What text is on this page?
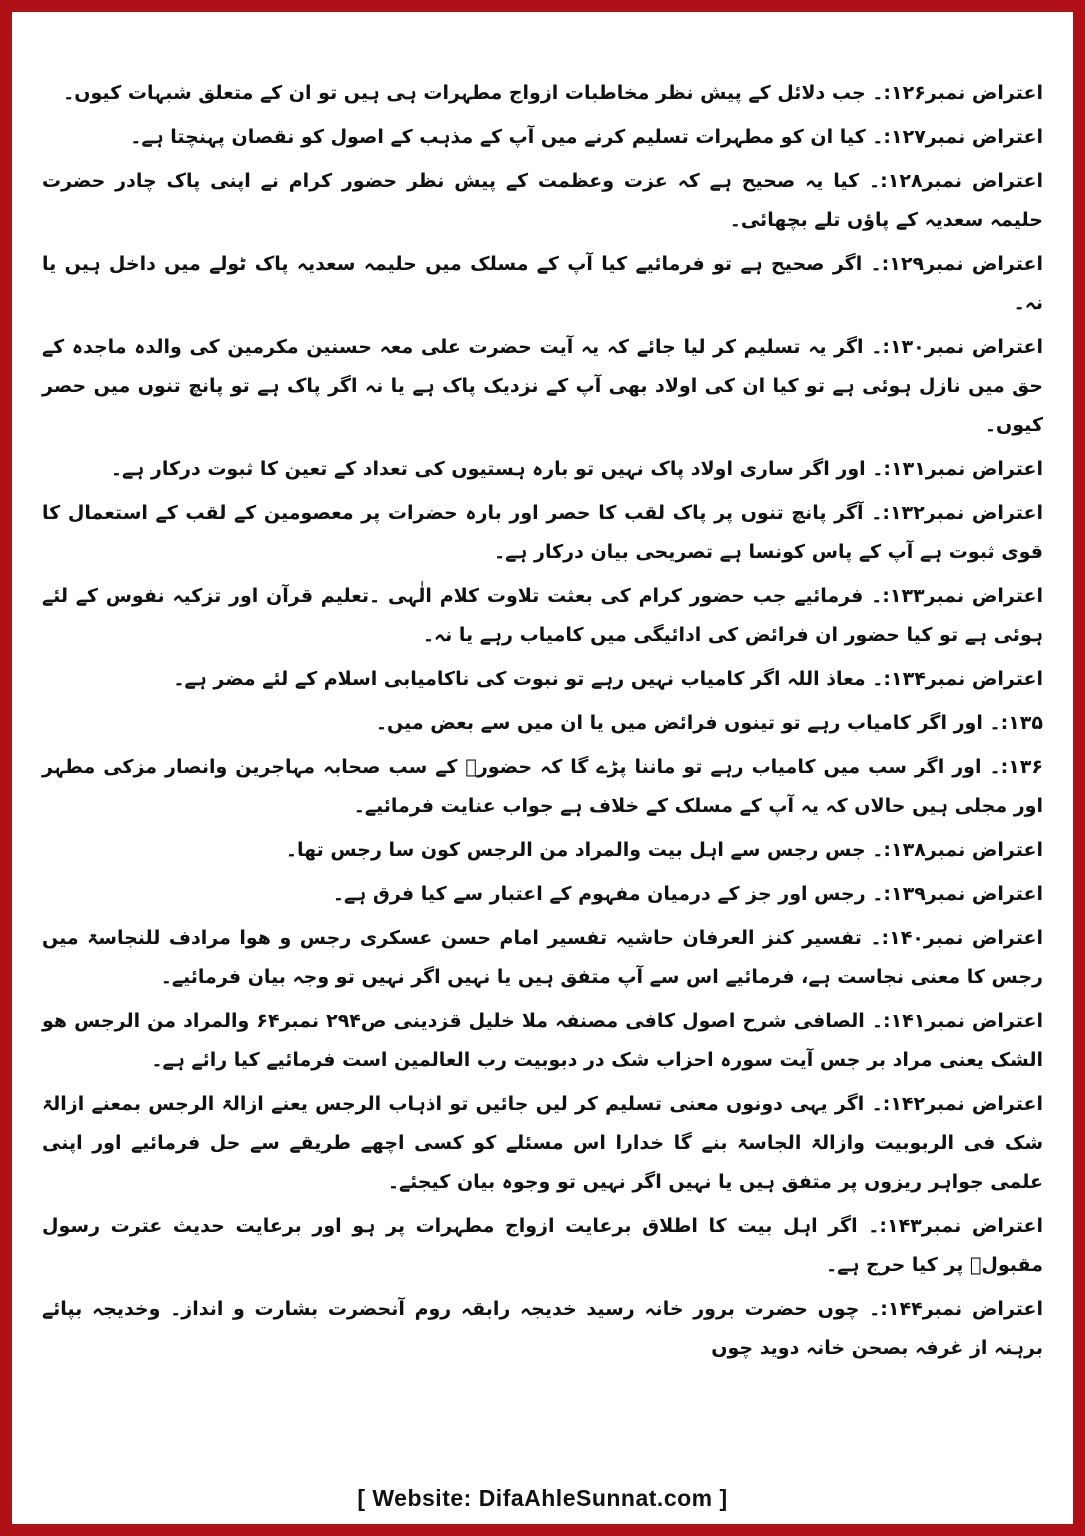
اعتراض نمبر۱۲۶:۔ جب دلائل کے پیش نظر مخاطبات ازواج مطہرات ہی ہیں تو ان کے متعلق شبہات کیوں۔

اعتراض نمبر۱۲۷:۔ کیا ان کو مطہرات تسلیم کرنے میں آپ کے مذہب کے اصول کو نقصان پہنچتا ہے۔

اعتراض نمبر۱۲۸:۔ کیا یہ صحیح ہے کہ عزت وعظمت کے پیش نظر حضور کرام نے اپنی پاک چادر حضرت حلیمہ سعدیہ کے پاؤں تلے بچھائی۔

اعتراض نمبر۱۲۹:۔ اگر صحیح ہے تو فرمائیے کیا آپ کے مسلک میں حلیمہ سعدیہ پاک ٹولے میں داخل ہیں یا نہ۔

اعتراض نمبر۱۳۰:۔ اگر یہ تسلیم کر لیا جائے کہ یہ آیت حضرت علی معہ حسنین مکرمین کی والدہ ماجدہ کے حق میں نازل ہوئی ہے تو کیا ان کی اولاد بھی آپ کے نزدیک پاک ہے یا نہ اگر پاک ہے تو پانچ تنوں میں حصر کیوں۔

اعتراض نمبر۱۳۱:۔ اور اگر ساری اولاد پاک نہیں تو بارہ ہستیوں کی تعداد کے تعین کا ثبوت درکار ہے۔

اعتراض نمبر۱۳۲:۔ آگر پانچ تنوں پر پاک لقب کا حصر اور بارہ حضرات پر معصومین کے لقب کے استعمال کا قوی ثبوت ہے آپ کے پاس کونسا ہے تصریحی بیان درکار ہے۔

اعتراض نمبر۱۳۳:۔ فرمائیے جب حضور کرام کی بعثت تلاوت کلام الٰہی ۔تعلیم قرآن اور تزکیہ نفوس کے لئے ہوئی ہے تو کیا حضور ان فرائض کی ادائیگی میں کامیاب رہے یا نہ۔

اعتراض نمبر۱۳۴:۔ معاذ اللہ اگر کامیاب نہیں رہے تو نبوت کی ناکامیابی اسلام کے لئے مضر ہے۔

۱۳۵:۔ اور اگر کامیاب رہے تو تینوں فرائض میں یا ان میں سے بعض میں۔

۱۳۶:۔ اور اگر سب میں کامیاب رہے تو ماننا پڑے گا کہ حضورؐ کے سب صحابہ مہاجرین وانصار مزکی مطہر اور مجلی ہیں حالاں کہ یہ آپ کے مسلک کے خلاف ہے جواب عنایت فرمائیے۔

اعتراض نمبر۱۳۸:۔ جس رجس سے اہل بیت والمراد من الرجس کون سا رجس تھا۔

اعتراض نمبر۱۳۹:۔ رجس اور جز کے درمیان مفہوم کے اعتبار سے کیا فرق ہے۔

اعتراض نمبر۱۴۰:۔ تفسیر کنز العرفان حاشیہ تفسیر امام حسن عسکری رجس و ھوا مرادف للنجاسۃ میں رجس کا معنی نجاست ہے، فرمائیے اس سے آپ متفق ہیں یا نہیں اگر نہیں تو وجہ بیان فرمائیے۔

اعتراض نمبر۱۴۱:۔ الصافی شرح اصول کافی مصنفہ ملا خلیل قزدینی ص۲۹۴ نمبر۶۴ والمراد من الرجس ھو الشک یعنی مراد بر جس آیت سورہ احزاب شک در دبوبیت رب العالمین است فرمائیے کیا رائے ہے۔

اعتراض نمبر۱۴۲:۔ اگر یہی دونوں معنی تسلیم کر لیں جائیں تو اذہاب الرجس یعنے ازالۃ الرجس بمعنے ازالۃ شک فی الربوبیت وازالۃ الجاسۃ بنے گا خدارا اس مسئلے کو کسی اچھے طریقے سے حل فرمائیے اور اپنی علمی جواہر ریزوں پر متفق ہیں یا نہیں اگر نہیں تو وجوہ بیان کیجئے۔

اعتراض نمبر۱۴۳:۔ اگر اہل بیت کا اطلاق برعایت ازواج مطہرات پر ہو اور برعایت حدیث عترت رسول مقبولؐ پر کیا حرج ہے۔

اعتراض نمبر۱۴۴:۔ چوں حضرت برور خانہ رسید خدیجہ رابقہ روم آنحضرت بشارت و انداز۔ وخدیجہ بپائے برہنہ از غرفہ بصحن خانہ دوید چوں

[ Website: DifaAhleSunnat.com ]
